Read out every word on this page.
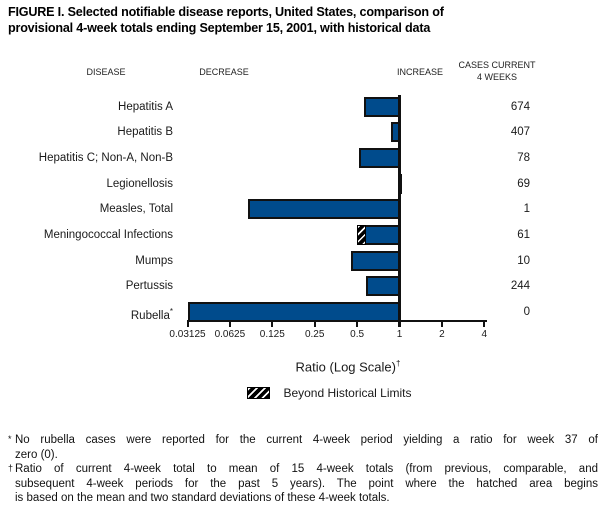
FIGURE I. Selected notifiable disease reports, United States, comparison of
provisional 4-week totals ending September 15, 2001, with historical data
DISEASE	DECREASE	INCREASE
CASES CURRENT
4 WEEKS
Hepatitis A	674
Hepatitis B	407
Hepatitis C; Non-A, Non-B	78
Legionellosis	69
Measles, Total	1
Meningococcal Infections	61
Mumps	10
Pertussis	244
Rubella*	0
0.03125 0.0625	0.125	0.25	0.5	1	2	4
Ratio (Log Scale)†
Beyond Historical Limits
* No rubella cases were reported for the current 4-week period yielding a ratio for week 37 of
zero (0).
† Ratio of current 4-week total to mean of 15 4-week totals (from previous, comparable, and
subsequent 4-week periods for the past 5 years). The point where the hatched area begins
is based on the mean and two standard deviations of these 4-week totals.
